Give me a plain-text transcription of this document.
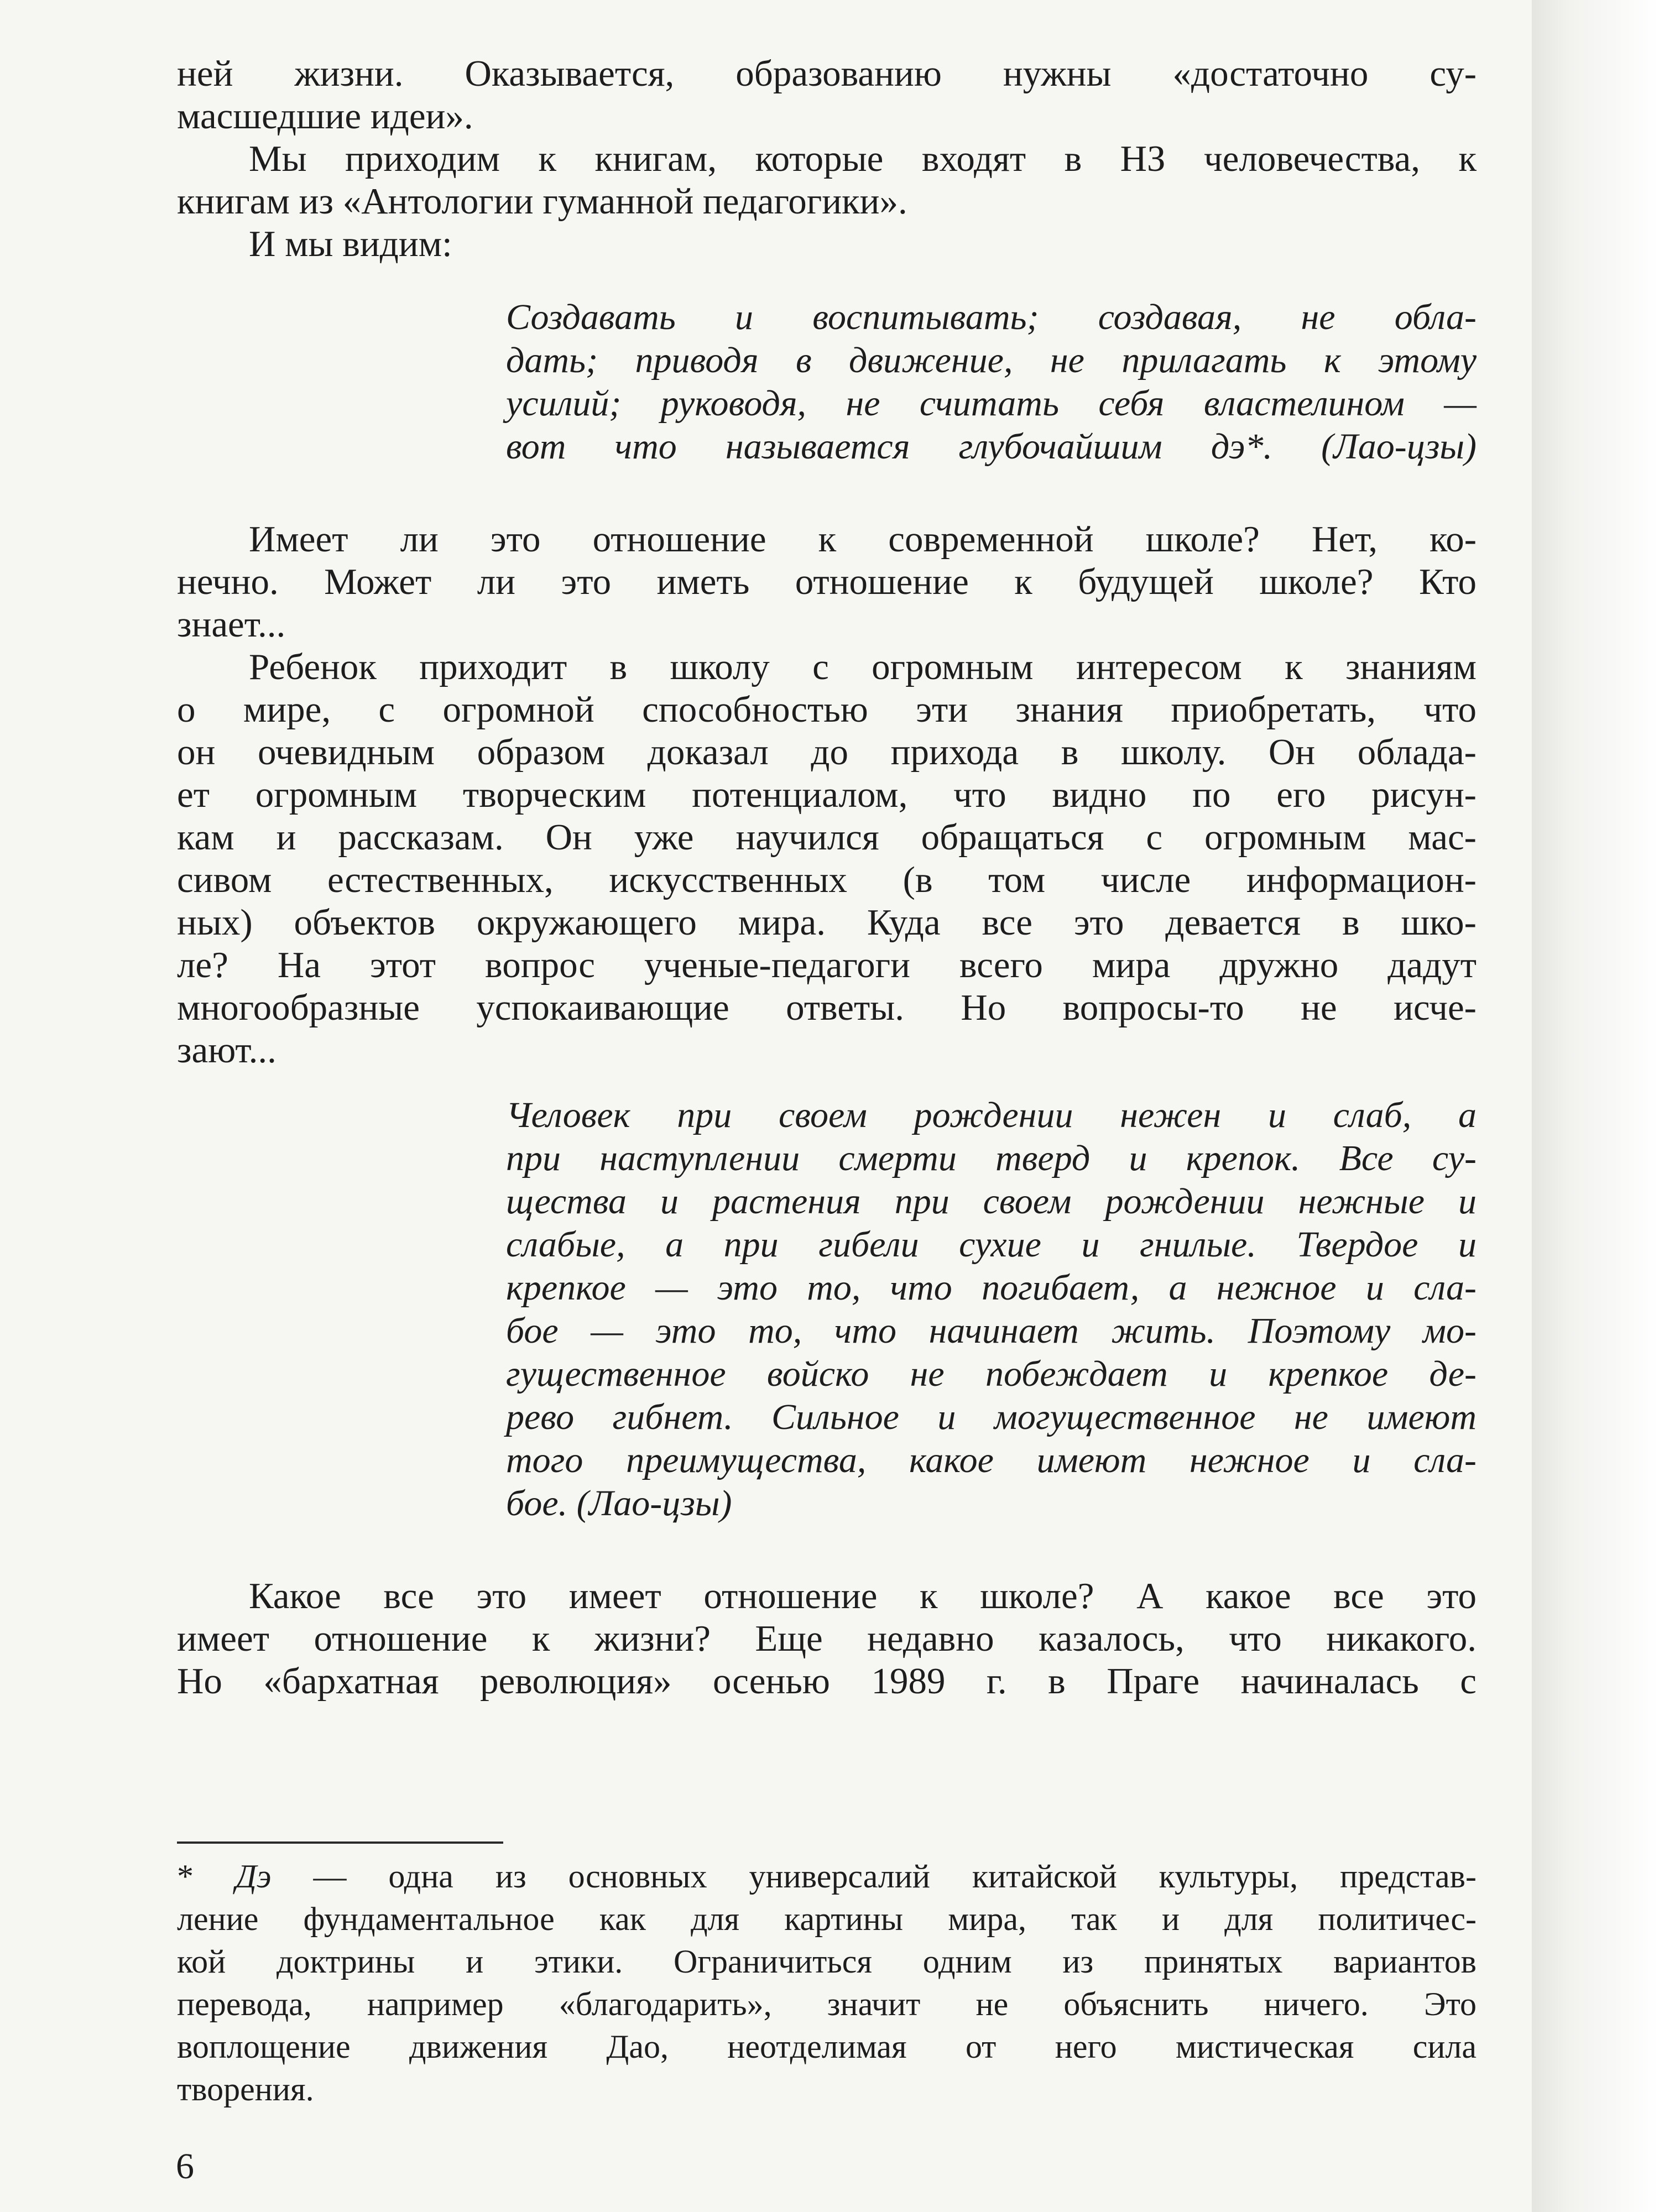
ней жизни. Оказывается, образованию нужны «достаточно су-
масшедшие идеи».
Мы приходим к книгам, которые входят в НЗ человечества, к
книгам из «Антологии гуманной педагогики».
И мы видим:
Создавать и воспитывать; создавая, не обла-
дать; приводя в движение, не прилагать к этому
усилий; руководя, не считать себя властелином —
вот что называется глубочайшим дэ*. (Лао-цзы)
Имеет ли это отношение к современной школе? Нет, ко-
нечно. Может ли это иметь отношение к будущей школе? Кто
знает...
Ребенок приходит в школу с огромным интересом к знаниям
о мире, с огромной способностью эти знания приобретать, что
он очевидным образом доказал до прихода в школу. Он облада-
ет огромным творческим потенциалом, что видно по его рисун-
кам и рассказам. Он уже научился обращаться с огромным мас-
сивом естественных, искусственных (в том числе информацион-
ных) объектов окружающего мира. Куда все это девается в шко-
ле? На этот вопрос ученые-педагоги всего мира дружно дадут
многообразные успокаивающие ответы. Но вопросы-то не исче-
зают...
Человек при своем рождении нежен и слаб, а
при наступлении смерти тверд и крепок. Все су-
щества и растения при своем рождении нежные и
слабые, а при гибели сухие и гнилые. Твердое и
крепкое — это то, что погибает, а нежное и сла-
бое — это то, что начинает жить. Поэтому мо-
гущественное войско не побеждает и крепкое де-
рево гибнет. Сильное и могущественное не имеют
того преимущества, какое имеют нежное и сла-
бое. (Лао-цзы)
Какое все это имеет отношение к школе? А какое все это
имеет отношение к жизни? Еще недавно казалось, что никакого.
Но «бархатная революция» осенью 1989 г. в Праге начиналась с
* Дэ — одна из основных универсалий китайской культуры, представ-
ление фундаментальное как для картины мира, так и для политичес-
кой доктрины и этики. Ограничиться одним из принятых вариантов
перевода, например «благодарить», значит не объяснить ничего. Это
воплощение движения Дао, неотделимая от него мистическая сила
творения.
6
